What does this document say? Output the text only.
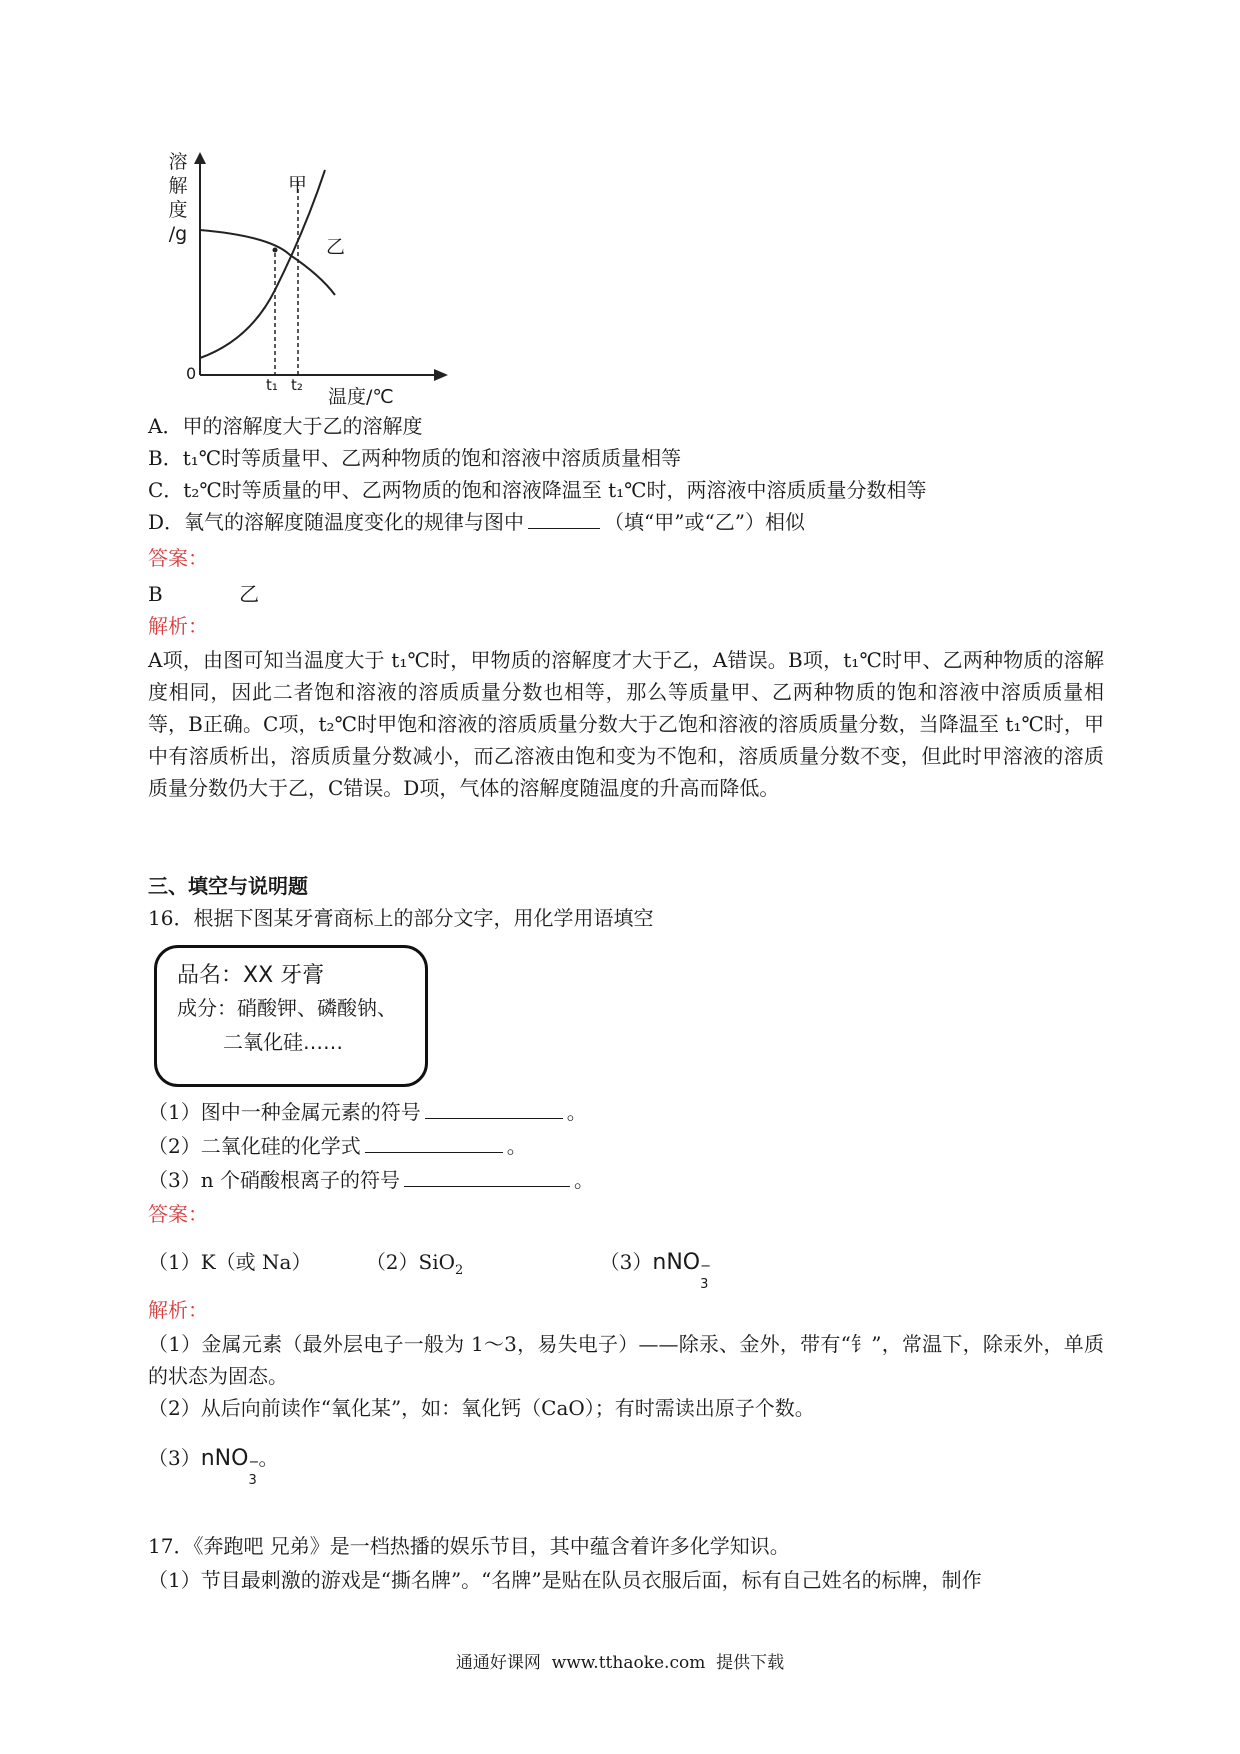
溶
解
度
/g
0
t₁ t₂
温度/℃
甲
乙
A．甲的溶解度大于乙的溶解度
B．t₁℃时等质量甲、乙两种物质的饱和溶液中溶质质量相等
C．t₂℃时等质量的甲、乙两物质的饱和溶液降温至 t₁℃时，两溶液中溶质质量分数相等
D．氧气的溶解度随温度变化的规律与图中	（填“甲”或“乙”）相似
答案：
B	乙
解析：
A项，由图可知当温度大于 t₁℃时，甲物质的溶解度才大于乙，A错误。B项，t₁℃时甲、乙两种物质的溶解度相同，因此二者饱和溶液的溶质质量分数也相等，那么等质量甲、乙两种物质的饱和溶液中溶质质量相等，B正确。C项，t₂℃时甲饱和溶液的溶质质量分数大于乙饱和溶液的溶质质量分数，当降温至 t₁℃时，甲中有溶质析出，溶质质量分数减小，而乙溶液由饱和变为不饱和，溶质质量分数不变，但此时甲溶液的溶质质量分数仍大于乙，C错误。D项，气体的溶解度随温度的升高而降低。
三、填空与说明题
16．根据下图某牙膏商标上的部分文字，用化学用语填空
品名：XX 牙膏
成分：硝酸钾、磷酸钠、
二氧化硅……
（1）图中一种金属元素的符号	。
（2）二氧化硅的化学式	。
（3）n 个硝酸根离子的符号	。
答案：
（1）K（或 Na）	（2）SiO$_2$	（3）nNO −
3
解析：
（1）金属元素（最外层电子一般为 1～3，易失电子）——除汞、金外，带有“钅”，常温下，除汞外，单质的状态为固态。
（2）从后向前读作“氧化某”，如：氧化钙（CaO）；有时需读出原子个数。
（3）nNO −
3
。
17．《奔跑吧 兄弟》是一档热播的娱乐节目，其中蕴含着许多化学知识。
（1）节目最刺激的游戏是“撕名牌”。“名牌”是贴在队员衣服后面，标有自己姓名的标牌，制作
通通好课网  www.tthaoke.com  提供下载
